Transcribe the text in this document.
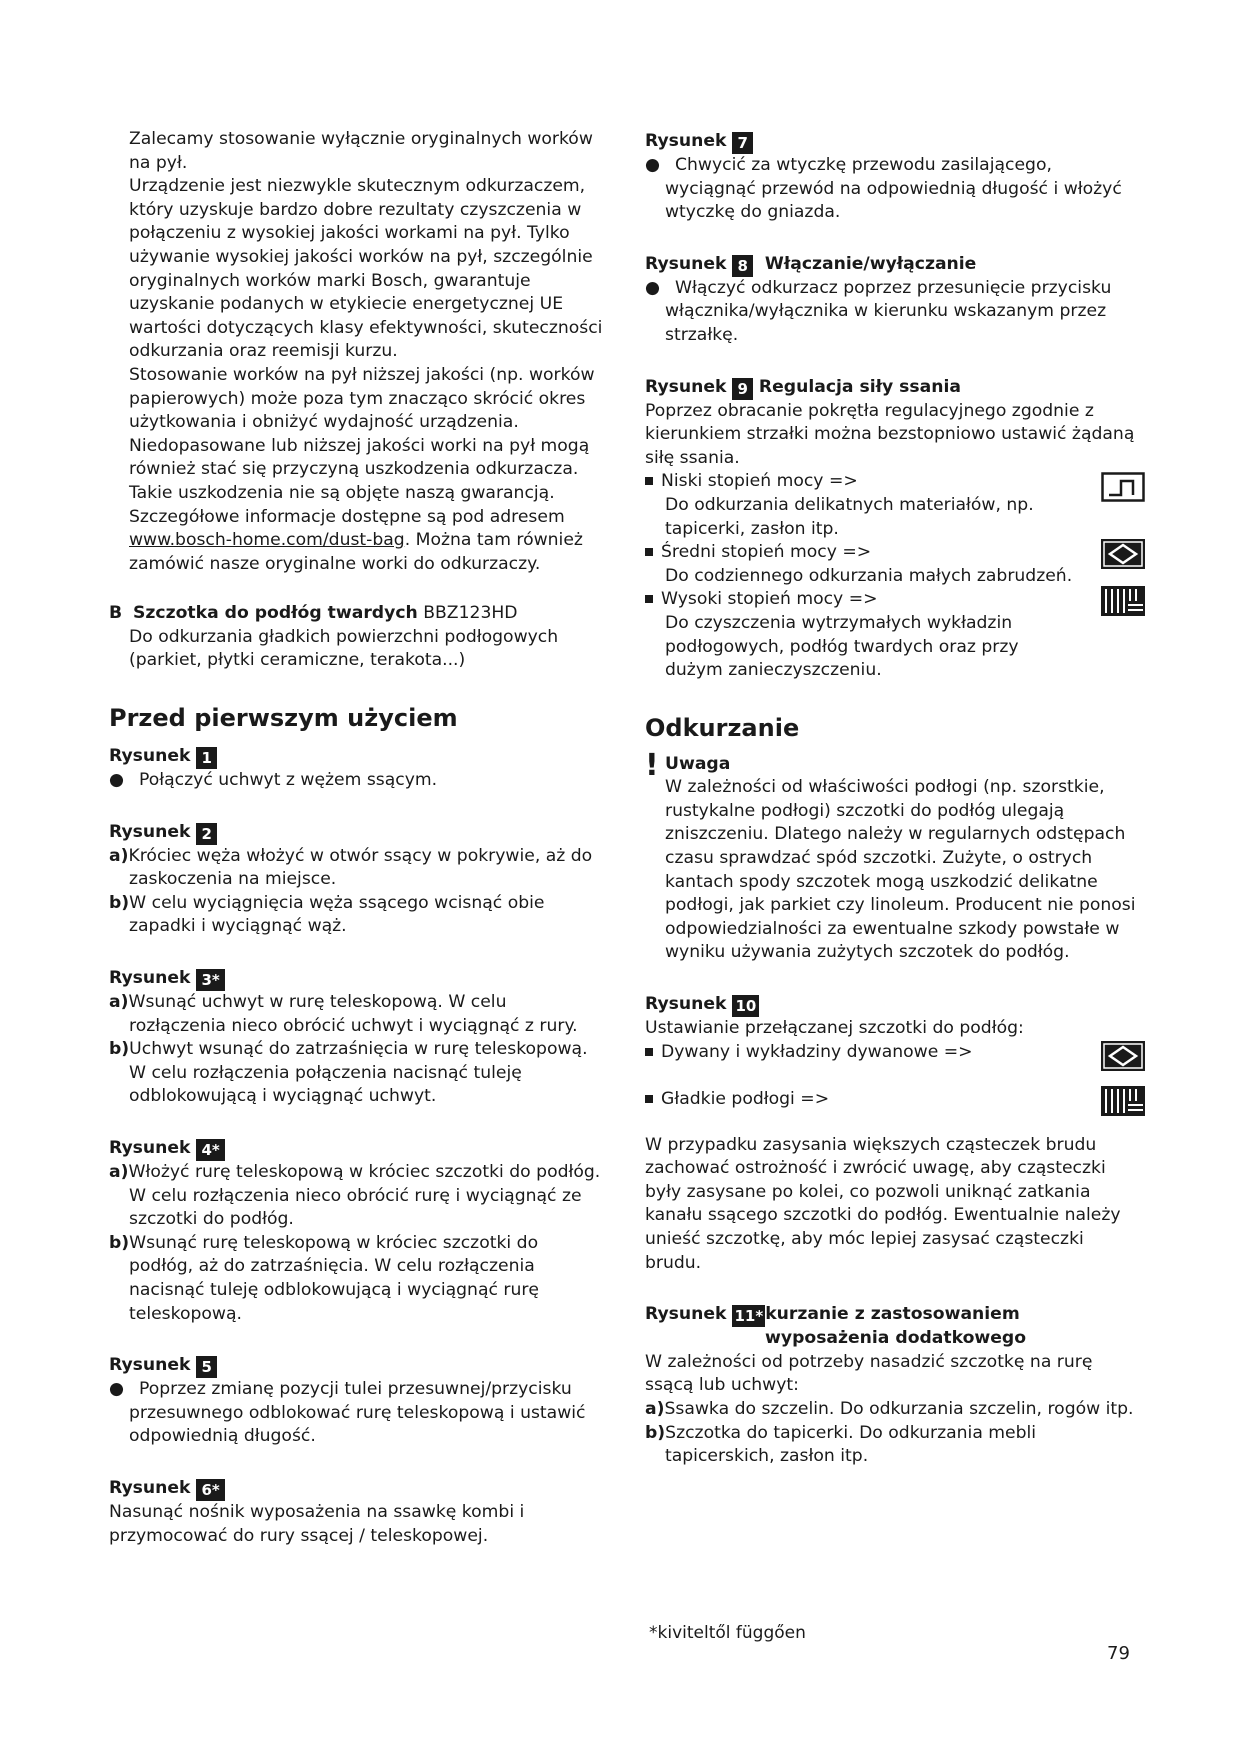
Zalecamy stosowanie wyłącznie oryginalnych worków na pył.

Urządzenie jest niezwykle skutecznym odkurzaczem, który uzyskuje bardzo dobre rezultaty czyszczenia w połączeniu z wysokiej jakości workami na pył. Tylko używanie wysokiej jakości worków na pył, szczególnie oryginalnych worków marki Bosch, gwarantuje uzyskanie podanych w etykiecie energetycznej UE wartości dotyczących klasy efektywności, skuteczności odkurzania oraz reemisji kurzu.

Stosowanie worków na pył niższej jakości (np. worków papierowych) może poza tym znacząco skrócić okres użytkowania i obniżyć wydajność urządzenia. Niedopasowane lub niższej jakości worki na pył mogą również stać się przyczyną uszkodzenia odkurzacza. Takie uszkodzenia nie są objęte naszą gwarancją.

Szczegółowe informacje dostępne są pod adresem www.bosch-home.com/dust-bag. Można tam również zamówić nasze oryginalne worki do odkurzaczy.

B Szczotka do podłóg twardych BBZ123HD

Do odkurzania gładkich powierzchni podłogowych (parkiet, płytki ceramiczne, terakota...)

Przed pierwszym użyciem
Rysunek 1

● Połączyć uchwyt z wężem ssącym.

Rysunek 2

a)Króciec węża włożyć w otwór ssący w pokrywie, aż do zaskoczenia na miejsce.

b)W celu wyciągnięcia węża ssącego wcisnąć obie zapadki i wyciągnąć wąż.

Rysunek 3*

a)Wsunąć uchwyt w rurę teleskopową. W celu rozłączenia nieco obrócić uchwyt i wyciągnąć z rury.

b)Uchwyt wsunąć do zatrzaśnięcia w rurę teleskopową.

W celu rozłączenia połączenia nacisnąć tuleję odblokowującą i wyciągnąć uchwyt.

Rysunek 4*

a)Włożyć rurę teleskopową w króciec szczotki do podłóg. W celu rozłączenia nieco obrócić rurę i wyciągnąć ze szczotki do podłóg.

b)Wsunąć rurę teleskopową w króciec szczotki do podłóg, aż do zatrzaśnięcia. W celu rozłączenia nacisnąć tuleję odblokowującą i wyciągnąć rurę teleskopową.

Rysunek 5

● Poprzez zmianę pozycji tulei przesuwnej/przycisku przesuwnego odblokować rurę teleskopową i ustawić odpowiednią długość.

Rysunek 6*

Nasunąć nośnik wyposażenia na ssawkę kombi i przymocować do rury ssącej / teleskopowej.

Rysunek 7

● Chwycić za wtyczkę przewodu zasilającego, wyciągnąć przewód na odpowiednią długość i włożyć wtyczkę do gniazda.

Rysunek 8 Włączanie/wyłączanie

● Włączyć odkurzacz poprzez przesunięcie przycisku włącznika/wyłącznika w kierunku wskazanym przez strzałkę.

Rysunek 9 Regulacja siły ssania

Poprzez obracanie pokrętła regulacyjnego zgodnie z kierunkiem strzałki można bezstopniowo ustawić żądaną siłę ssania.

Niski stopień mocy =>

Do odkurzania delikatnych materiałów, np. tapicerki, zasłon itp.

Średni stopień mocy =>

Do codziennego odkurzania małych zabrudzeń.

Wysoki stopień mocy =>

Do czyszczenia wytrzymałych wykładzin podłogowych, podłóg twardych oraz przy dużym zanieczyszczeniu.

Odkurzanie
! Uwaga

W zależności od właściwości podłogi (np. szorstkie, rustykalne podłogi) szczotki do podłóg ulegają zniszczeniu. Dlatego należy w regularnych odstępach czasu sprawdzać spód szczotki. Zużyte, o ostrych kantach spody szczotek mogą uszkodzić delikatne podłogi, jak parkiet czy linoleum. Producent nie ponosi odpowiedzialności za ewentualne szkody powstałe w wyniku używania zużytych szczotek do podłóg.

Rysunek 10

Ustawianie przełączanej szczotki do podłóg:

Dywany i wykładziny dywanowe =>

Gładkie podłogi =>

W przypadku zasysania większych cząsteczek brudu zachować ostrożność i zwrócić uwagę, aby cząsteczki były zasysane po kolei, co pozwoli uniknąć zatkania kanału ssącego szczotki do podłóg. Ewentualnie należy unieść szczotkę, aby móc lepiej zasysać cząsteczki brudu.

Rysunek 11* kurzanie z zastosowaniem

wyposażenia dodatkowego

W zależności od potrzeby nasadzić szczotkę na rurę ssącą lub uchwyt:

a)Ssawka do szczelin. Do odkurzania szczelin, rogów itp.

b)Szczotka do tapicerki. Do odkurzania mebli tapicerskich, zasłon itp.

*kiviteltől függően
79
